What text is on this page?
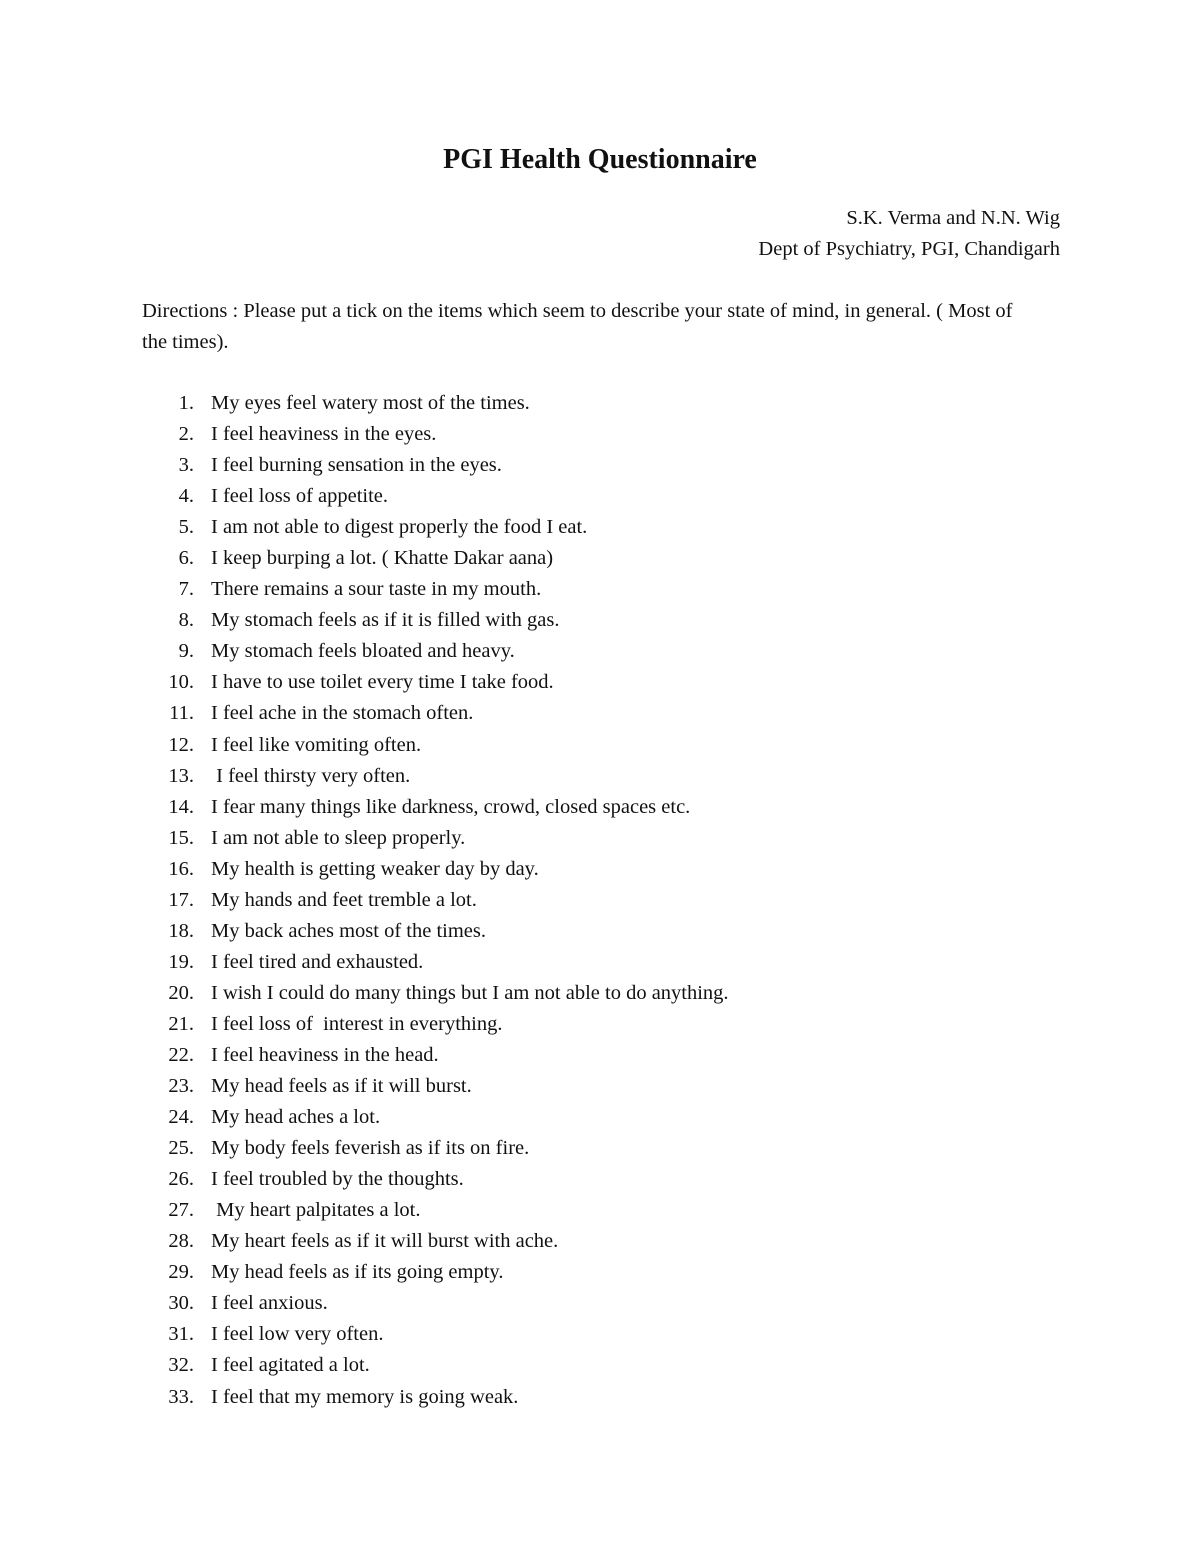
PGI Health Questionnaire
S.K. Verma and N.N. Wig
Dept of Psychiatry, PGI, Chandigarh
Directions : Please put a tick on the items which seem to describe your state of mind, in general. ( Most of the times).
1. My eyes feel watery most of the times.
2. I feel heaviness in the eyes.
3. I feel burning sensation in the eyes.
4. I feel loss of appetite.
5. I am not able to digest properly the food I eat.
6. I keep burping a lot. ( Khatte Dakar aana)
7. There remains a sour taste in my mouth.
8. My stomach feels as if it is filled with gas.
9. My stomach feels bloated and heavy.
10. I have to use toilet every time I take food.
11. I feel ache in the stomach often.
12. I feel like vomiting often.
13. I feel thirsty very often.
14. I fear many things like darkness, crowd, closed spaces etc.
15. I am not able to sleep properly.
16. My health is getting weaker day by day.
17. My hands and feet tremble a lot.
18. My back aches most of the times.
19. I feel tired and exhausted.
20. I wish I could do many things but I am not able to do anything.
21. I feel loss of  interest in everything.
22. I feel heaviness in the head.
23. My head feels as if it will burst.
24. My head aches a lot.
25. My body feels feverish as if its on fire.
26. I feel troubled by the thoughts.
27. My heart palpitates a lot.
28. My heart feels as if it will burst with ache.
29. My head feels as if its going empty.
30. I feel anxious.
31. I feel low very often.
32. I feel agitated a lot.
33. I feel that my memory is going weak.
